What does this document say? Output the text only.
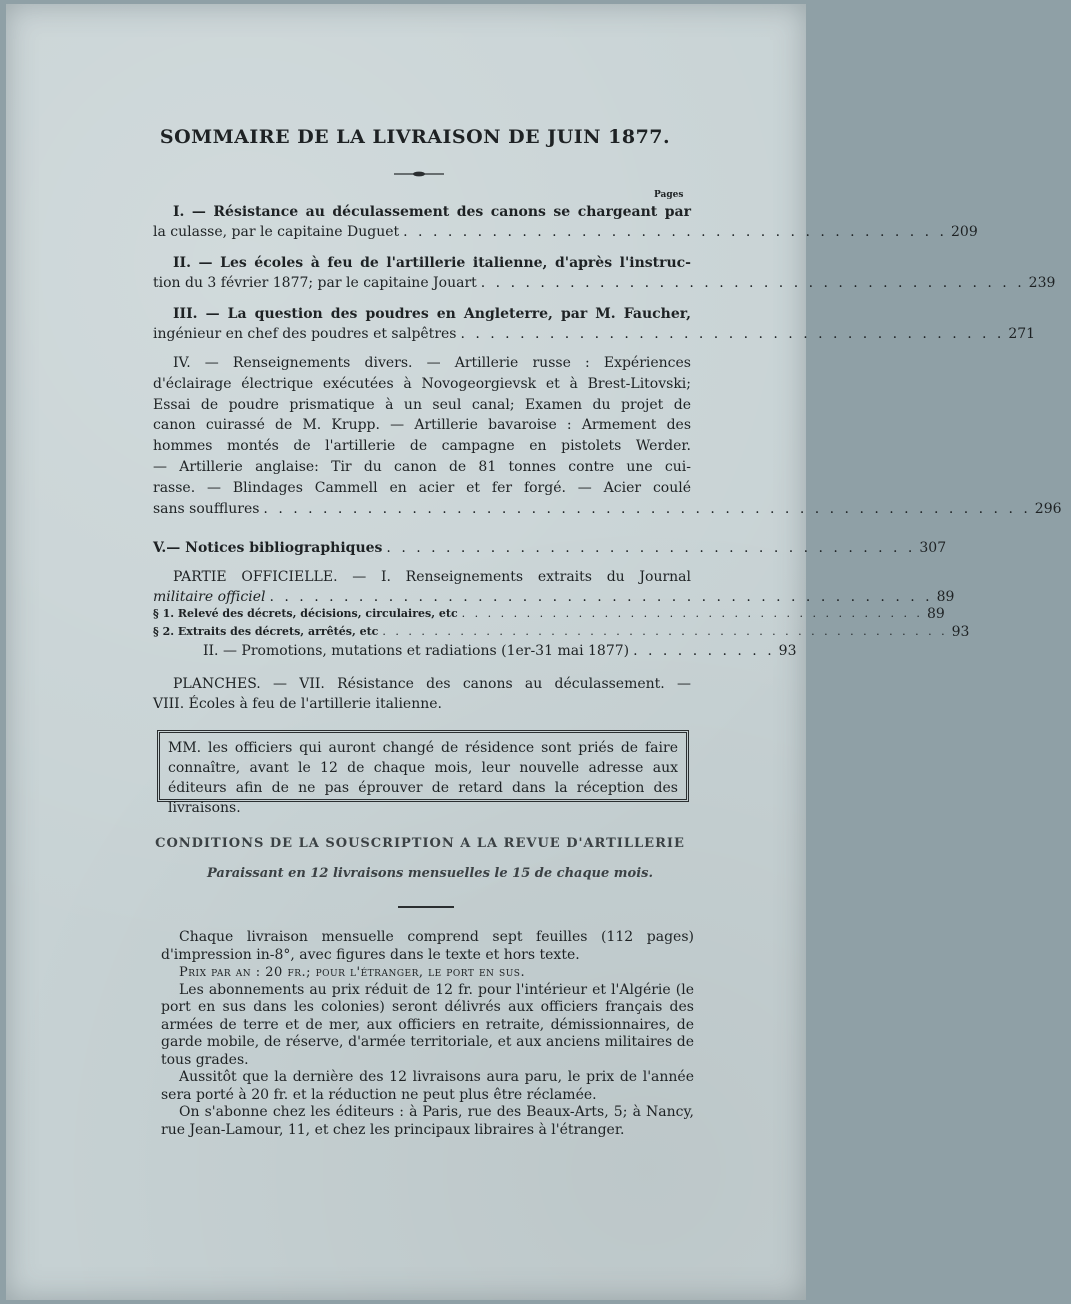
SOMMAIRE DE LA LIVRAISON DE JUIN 1877.
Pages
I. — Résistance au déculassement des canons se chargeant par
la culasse, par le capitaine Duguet . . . . . . . . . . . . . . . . . . . . . . . . . . . . . . . . . . . . . 209
II. — Les écoles à feu de l'artillerie italienne, d'après l'instruc-
tion du 3 février 1877; par le capitaine Jouart . . . . . . . . . . . . . . . . . . . . . . . . . . . . . . . . . . . . . 239
III. — La question des poudres en Angleterre, par M. Faucher,
ingénieur en chef des poudres et salpêtres . . . . . . . . . . . . . . . . . . . . . . . . . . . . . . . . . . . . . 271
IV. — Renseignements divers. — Artillerie russe : Expériences
d'éclairage électrique exécutées à Novogeorgievsk et à Brest-Litovski;
Essai de poudre prismatique à un seul canal; Examen du projet de
canon cuirassé de M. Krupp. — Artillerie bavaroise : Armement des
hommes montés de l'artillerie de campagne en pistolets Werder.
— Artillerie anglaise: Tir du canon de 81 tonnes contre une cui-
rasse. — Blindages Cammell en acier et fer forgé. — Acier coulé
sans soufflures . . . . . . . . . . . . . . . . . . . . . . . . . . . . . . . . . . . . . . . . . . . . . . . . . . . . 296
V.— Notices bibliographiques . . . . . . . . . . . . . . . . . . . . . . . . . . . . . . . . . . . . 307
PARTIE OFFICIELLE. — I. Renseignements extraits du Journal
militaire officiel . . . . . . . . . . . . . . . . . . . . . . . . . . . . . . . . . . . . . . . . . . . . . 89
§ 1. Relevé des décrets, décisions, circulaires, etc . . . . . . . . . . . . . . . . . . . . . . . . . . . . . . . . . . . . 89
§ 2. Extraits des décrets, arrêtés, etc . . . . . . . . . . . . . . . . . . . . . . . . . . . . . . . . . . . . . . . . . . . . 93
II. — Promotions, mutations et radiations (1er-31 mai 1877) . . . . . . . . . . 93
PLANCHES. — VII. Résistance des canons au déculassement. —
VIII. Écoles à feu de l'artillerie italienne.
MM. les officiers qui auront changé de résidence sont priés de faire connaître, avant le 12 de chaque mois, leur nouvelle adresse aux éditeurs afin de ne pas éprouver de retard dans la réception des livraisons.
CONDITIONS DE LA SOUSCRIPTION A LA REVUE D'ARTILLERIE
Paraissant en 12 livraisons mensuelles le 15 de chaque mois.

Chaque livraison mensuelle comprend sept feuilles (112 pages) d'impression in-8°, avec figures dans le texte et hors texte.

Prix par an : 20 fr.; pour l'étranger, le port en sus.

Les abonnements au prix réduit de 12 fr. pour l'intérieur et l'Algérie (le port en sus dans les colonies) seront délivrés aux officiers français des armées de terre et de mer, aux officiers en retraite, démissionnaires, de garde mobile, de réserve, d'armée territoriale, et aux anciens militaires de tous grades.

Aussitôt que la dernière des 12 livraisons aura paru, le prix de l'année sera porté à 20 fr. et la réduction ne peut plus être réclamée.

On s'abonne chez les éditeurs : à Paris, rue des Beaux-Arts, 5; à Nancy, rue Jean-Lamour, 11, et chez les principaux libraires à l'étranger.
